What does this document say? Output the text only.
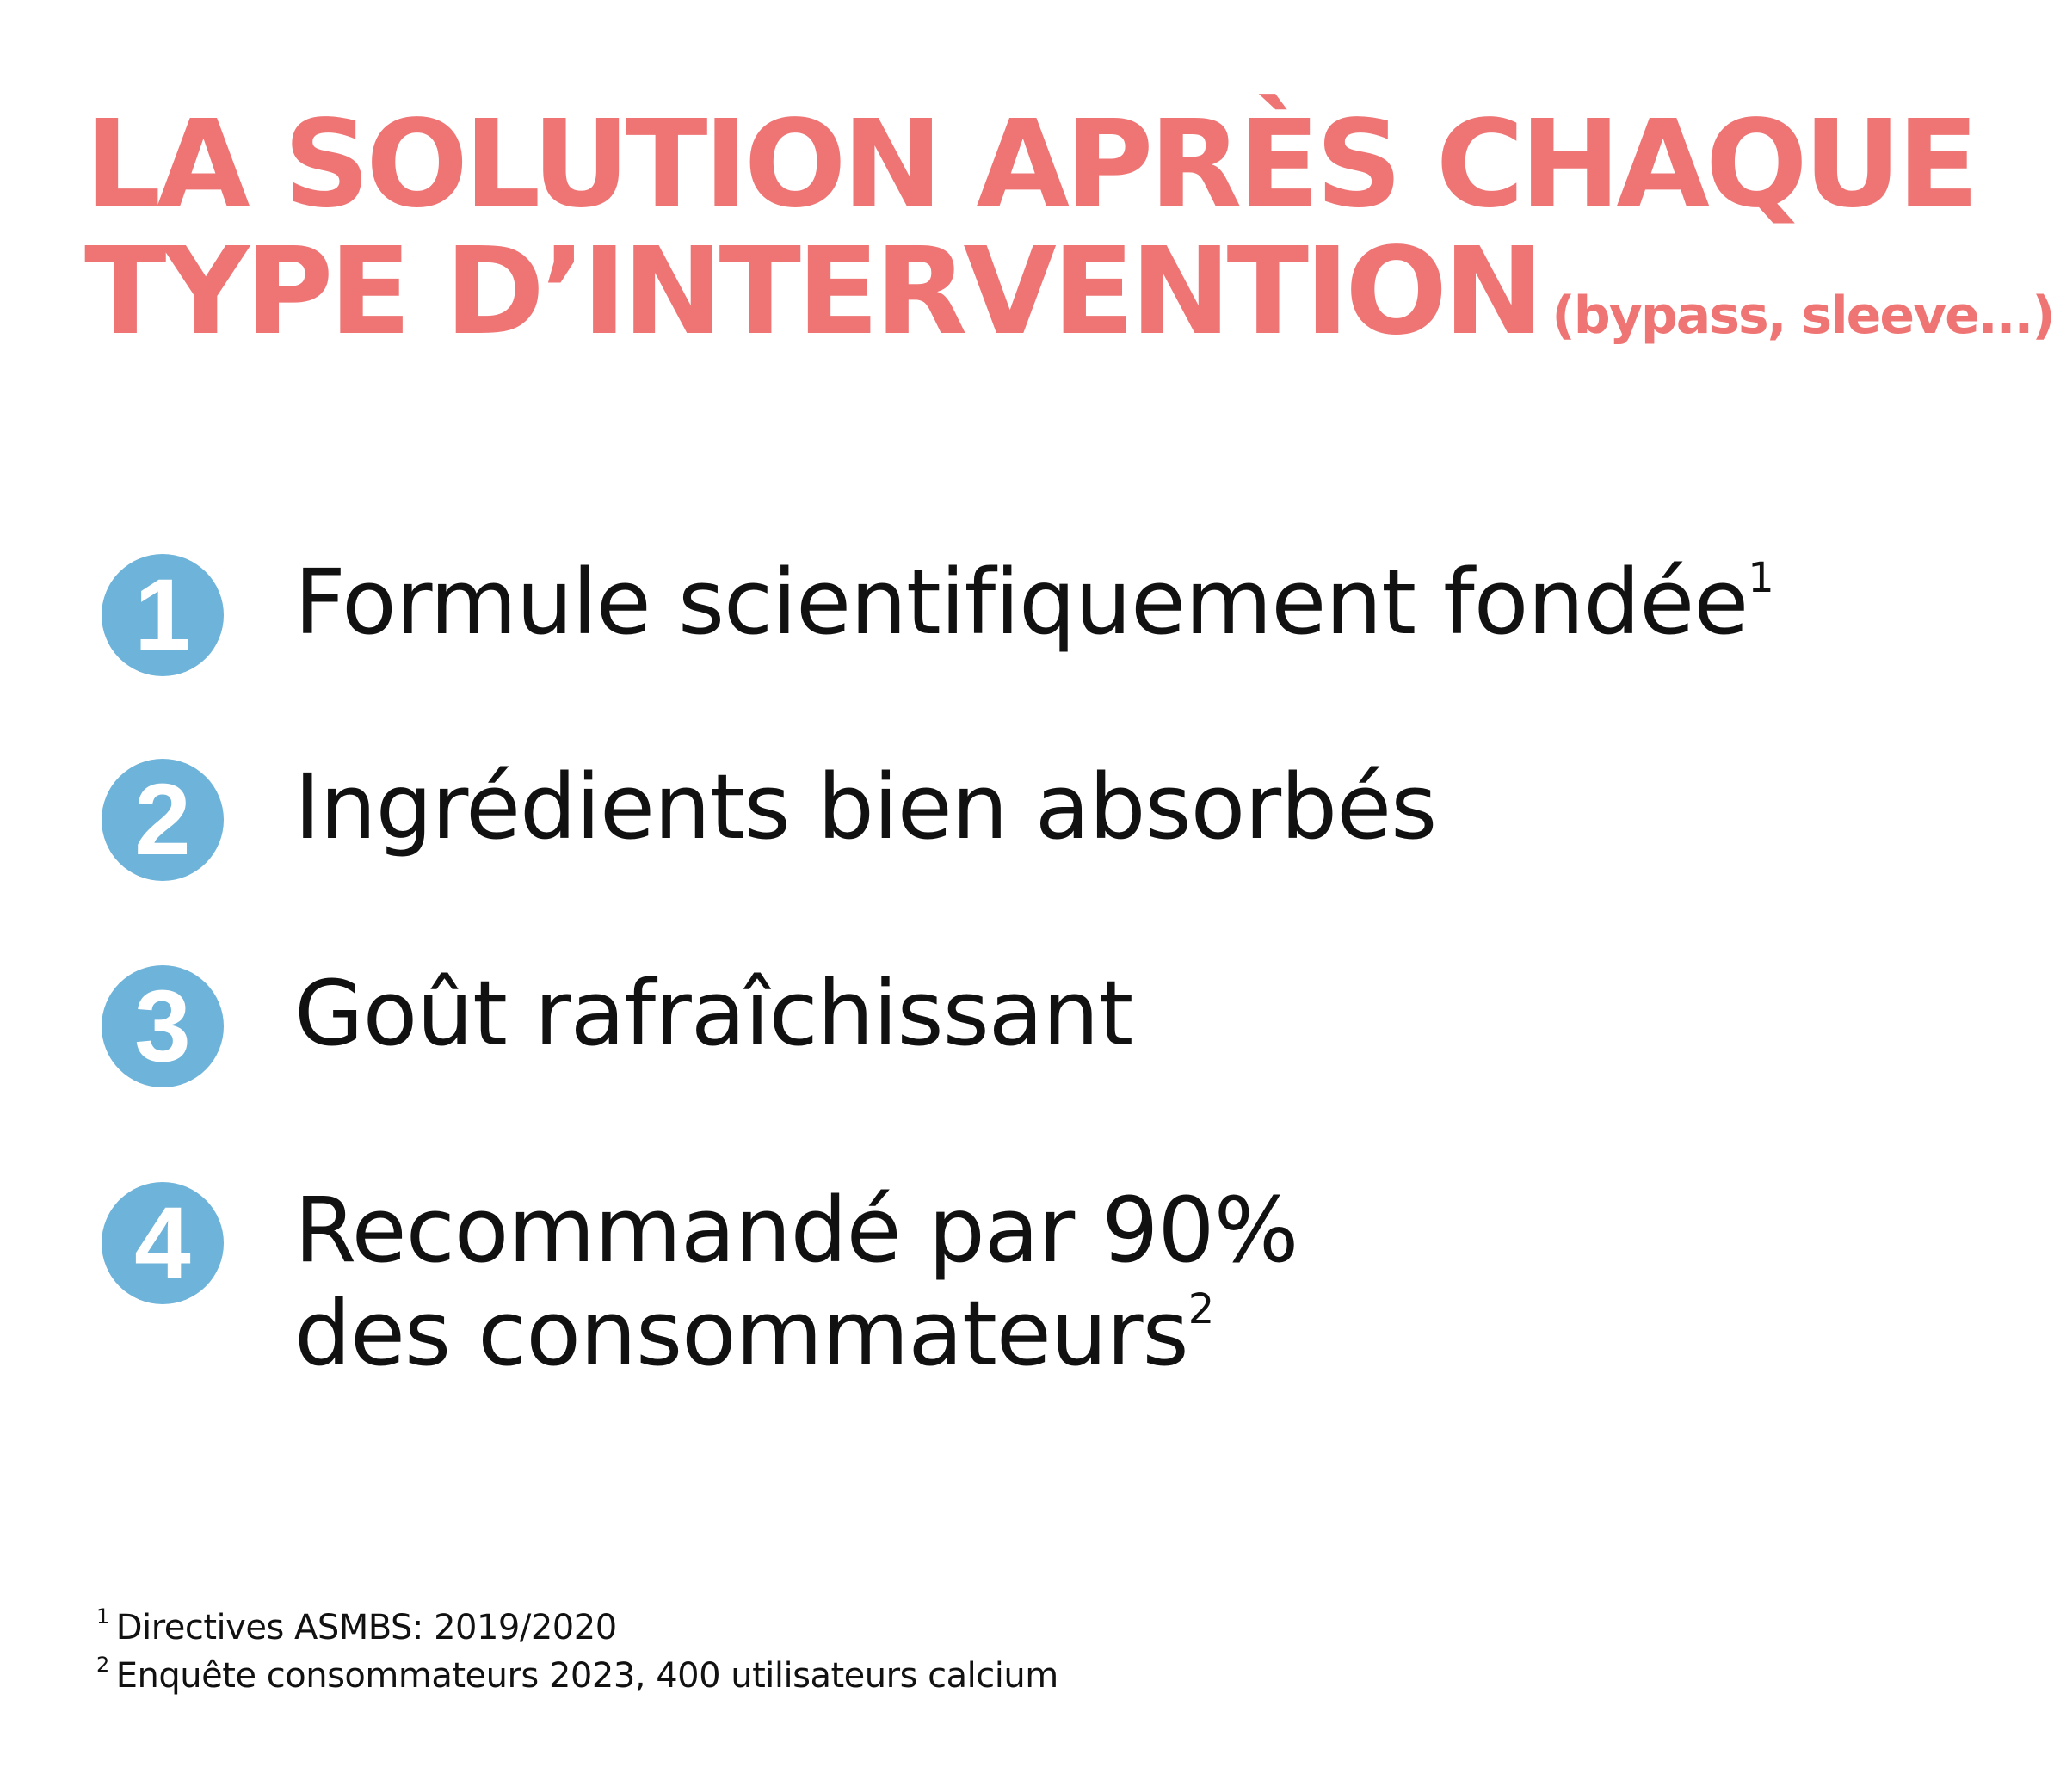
LA SOLUTION APRÈS CHAQUE
TYPE D’INTERVENTION (bypass, sleeve...)
1	Formule scientifiquement fondée$^1$

2	Ingrédients bien absorbés

3	Goût rafraîchissant

4	Recommandé par 90%

des consommateurs$^2$

$^1$ Directives ASMBS: 2019/2020
$^2$ Enquête consommateurs 2023, 400 utilisateurs calcium
